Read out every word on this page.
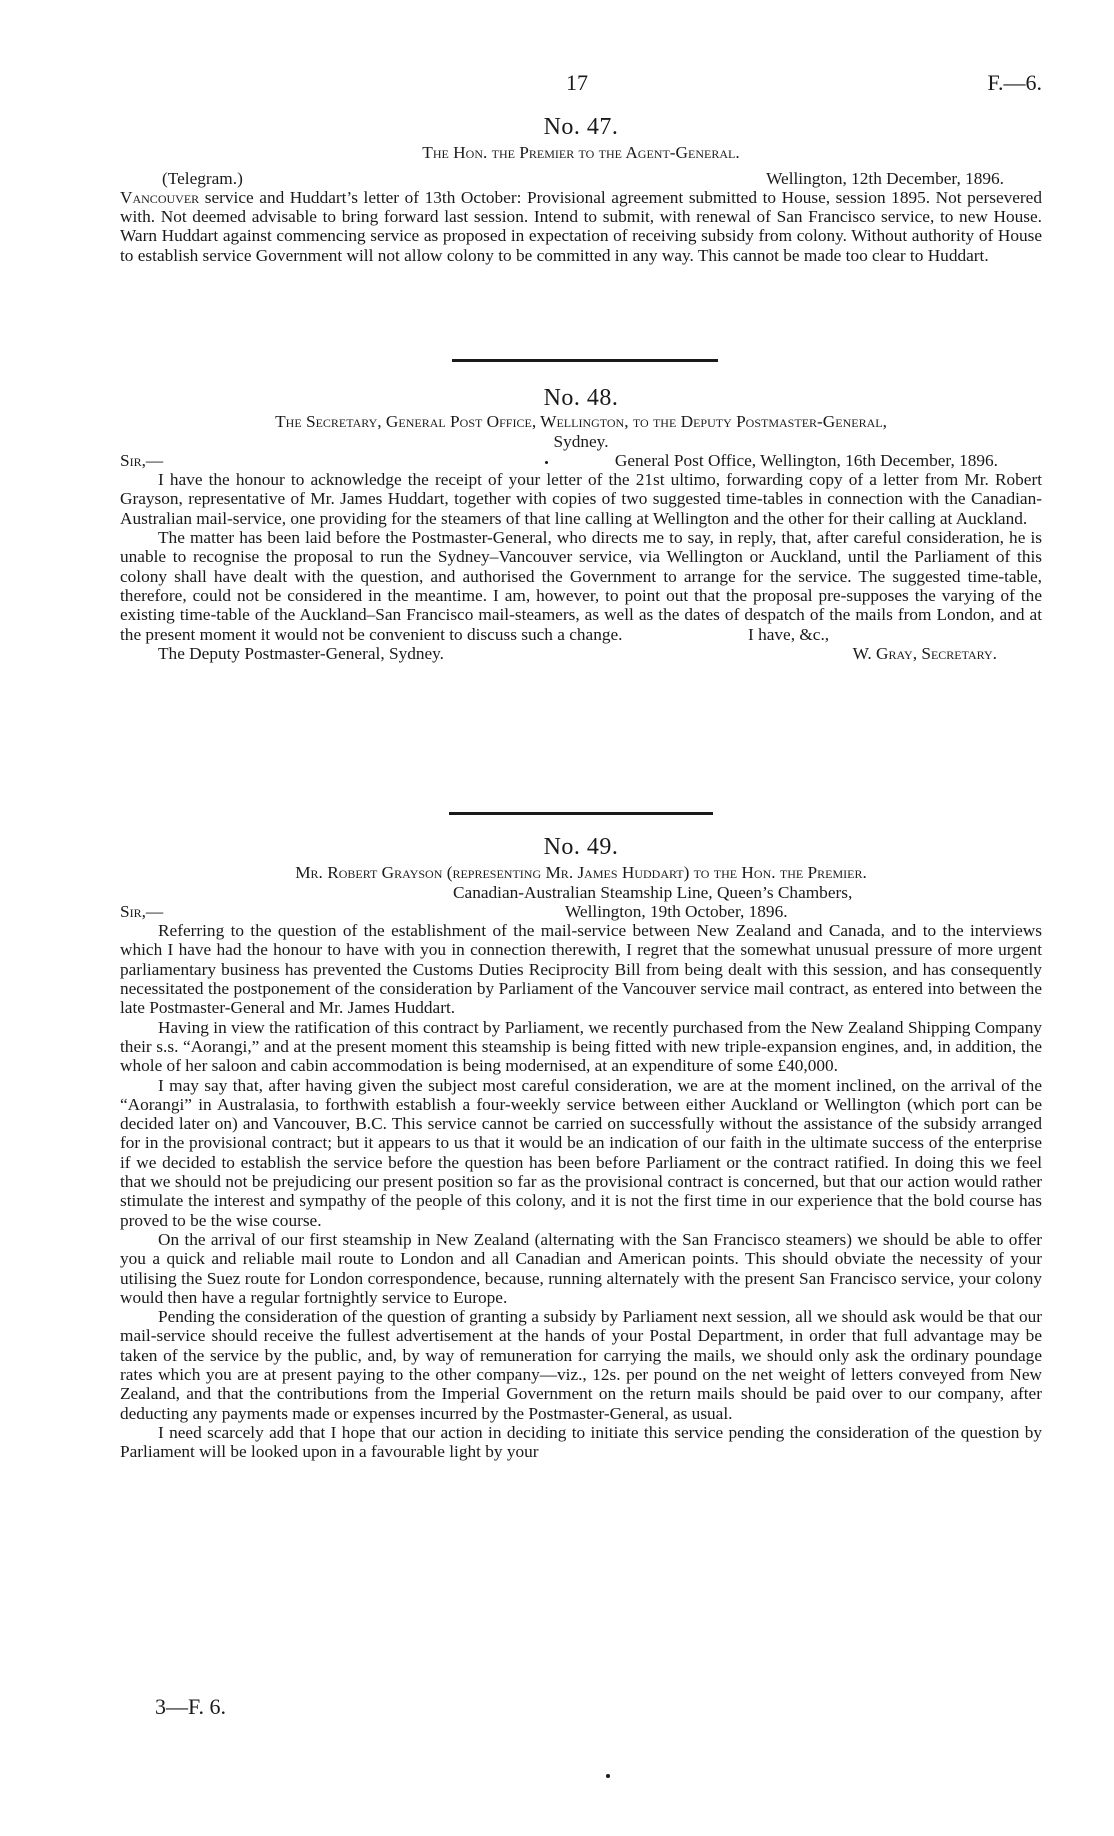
17	F.—6.

No. 47.

The Hon. the Premier to the Agent-General.

(Telegram.)	Wellington, 12th December, 1896.

Vancouver service and Huddart’s letter of 13th October: Provisional agreement submitted to House, session 1895. Not persevered with. Not deemed advisable to bring forward last session. Intend to submit, with renewal of San Francisco service, to new House. Warn Huddart against commencing service as proposed in expectation of receiving subsidy from colony. Without authority of House to establish service Government will not allow colony to be committed in any way. This cannot be made too clear to Huddart.

No. 48.

The Secretary, General Post Office, Wellington, to the Deputy Postmaster-General,

Sydney.

Sir,—	General Post Office, Wellington, 16th December, 1896.

I have the honour to acknowledge the receipt of your letter of the 21st ultimo, forwarding copy of a letter from Mr. Robert Grayson, representative of Mr. James Huddart, together with copies of two suggested time-tables in connection with the Canadian-Australian mail-service, one providing for the steamers of that line calling at Wellington and the other for their calling at Auckland.

The matter has been laid before the Postmaster-General, who directs me to say, in reply, that, after careful consideration, he is unable to recognise the proposal to run the Sydney–Vancouver service, via Wellington or Auckland, until the Parliament of this colony shall have dealt with the question, and authorised the Government to arrange for the service. The suggested time-table, therefore, could not be considered in the meantime. I am, however, to point out that the proposal pre-supposes the varying of the existing time-table of the Auckland–San Francisco mail-steamers, as well as the dates of despatch of the mails from London, and at the present moment it would not be convenient to discuss such a change.	I have, &c.,
The Deputy Postmaster-General, Sydney.	W. Gray, Secretary.

No. 49.

Mr. Robert Grayson (representing Mr. James Huddart) to the Hon. the Premier.

Canadian-Australian Steamship Line, Queen’s Chambers,
Sir,—	Wellington, 19th October, 1896.

Referring to the question of the establishment of the mail-service between New Zealand and Canada, and to the interviews which I have had the honour to have with you in connection therewith, I regret that the somewhat unusual pressure of more urgent parliamentary business has prevented the Customs Duties Reciprocity Bill from being dealt with this session, and has consequently necessitated the postponement of the consideration by Parliament of the Vancouver service mail contract, as entered into between the late Postmaster-General and Mr. James Huddart.

Having in view the ratification of this contract by Parliament, we recently purchased from the New Zealand Shipping Company their s.s. “Aorangi,” and at the present moment this steamship is being fitted with new triple-expansion engines, and, in addition, the whole of her saloon and cabin accommodation is being modernised, at an expenditure of some £40,000.

I may say that, after having given the subject most careful consideration, we are at the moment inclined, on the arrival of the “Aorangi” in Australasia, to forthwith establish a four-weekly service between either Auckland or Wellington (which port can be decided later on) and Vancouver, B.C. This service cannot be carried on successfully without the assistance of the subsidy arranged for in the provisional contract; but it appears to us that it would be an indication of our faith in the ultimate success of the enterprise if we decided to establish the service before the question has been before Parliament or the contract ratified. In doing this we feel that we should not be prejudicing our present position so far as the provisional contract is concerned, but that our action would rather stimulate the interest and sympathy of the people of this colony, and it is not the first time in our experience that the bold course has proved to be the wise course.

On the arrival of our first steamship in New Zealand (alternating with the San Francisco steamers) we should be able to offer you a quick and reliable mail route to London and all Canadian and American points. This should obviate the necessity of your utilising the Suez route for London correspondence, because, running alternately with the present San Francisco service, your colony would then have a regular fortnightly service to Europe.

Pending the consideration of the question of granting a subsidy by Parliament next session, all we should ask would be that our mail-service should receive the fullest advertisement at the hands of your Postal Department, in order that full advantage may be taken of the service by the public, and, by way of remuneration for carrying the mails, we should only ask the ordinary poundage rates which you are at present paying to the other company—viz., 12s. per pound on the net weight of letters conveyed from New Zealand, and that the contributions from the Imperial Government on the return mails should be paid over to our company, after deducting any payments made or expenses incurred by the Postmaster-General, as usual.

I need scarcely add that I hope that our action in deciding to initiate this service pending the consideration of the question by Parliament will be looked upon in a favourable light by your

3—F. 6.
